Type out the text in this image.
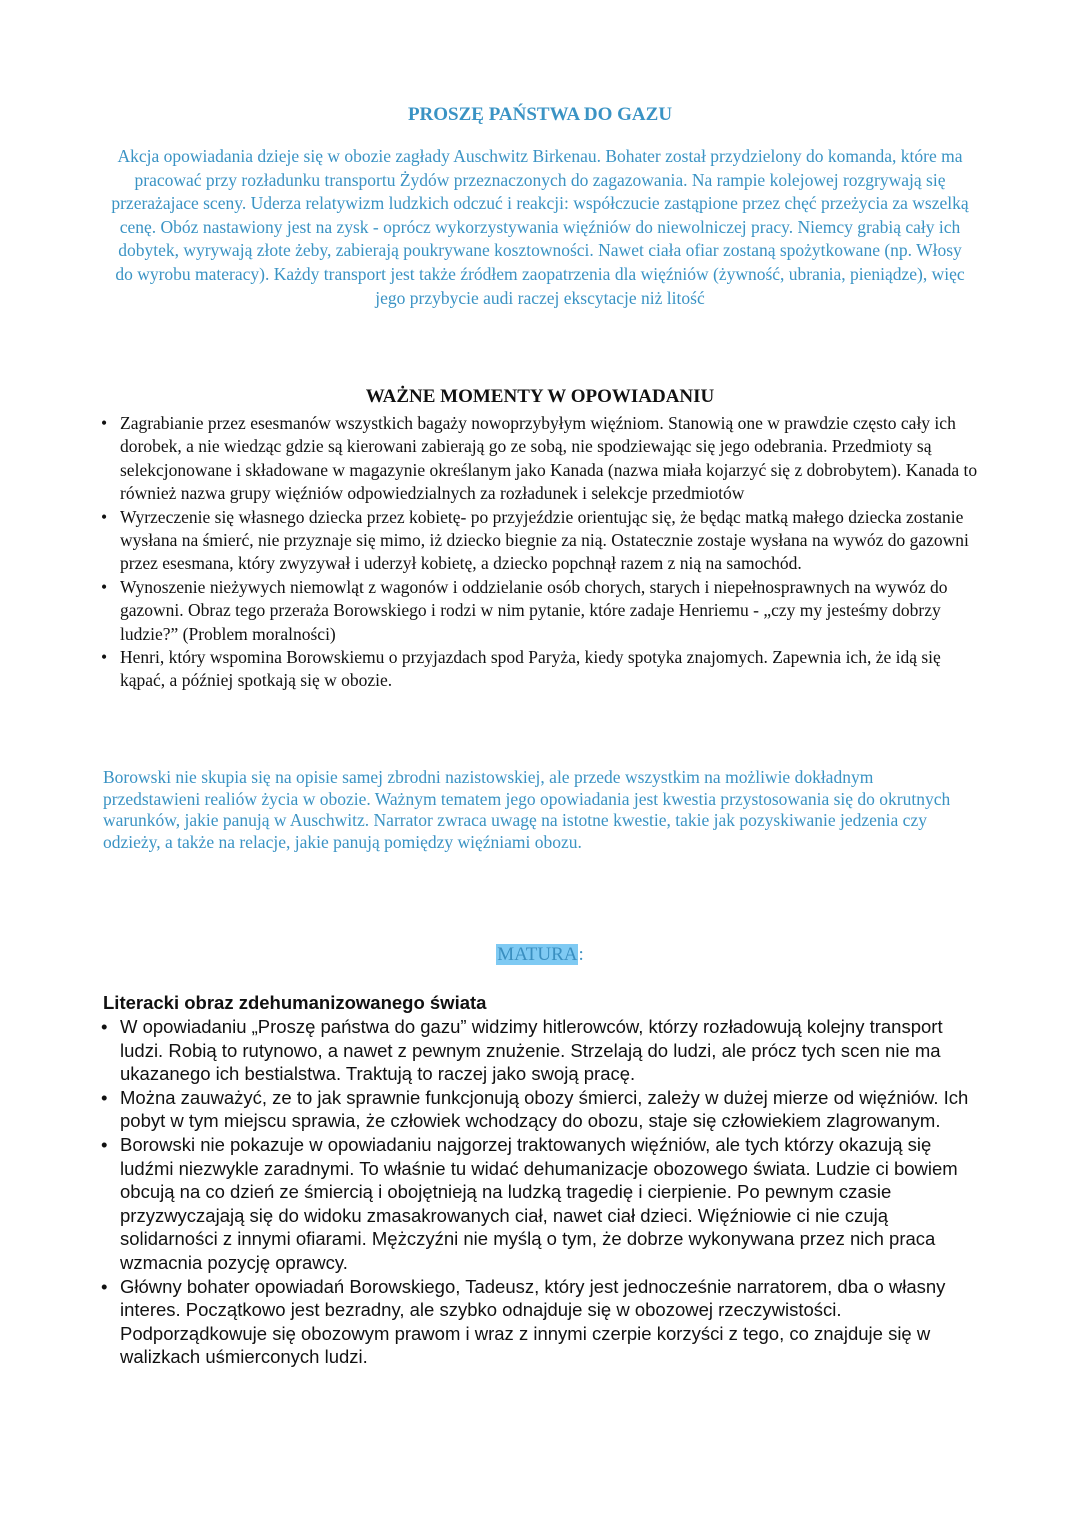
PROSZĘ PAŃSTWA DO GAZU

Akcja opowiadania dzieje się w obozie zagłady Auschwitz Birkenau. Bohater został przydzielony do komanda, które ma pracować przy rozładunku transportu Żydów przeznaczonych do zagazowania. Na rampie kolejowej rozgrywają się przerażajace sceny. Uderza relatywizm ludzkich odczuć i reakcji: współczucie zastąpione przez chęć przeżycia za wszelką cenę. Obóz nastawiony jest na zysk - oprócz wykorzystywania więźniów do niewolniczej pracy. Niemcy grabią cały ich dobytek, wyrywają złote żeby, zabierają poukrywane kosztowności. Nawet ciała ofiar zostaną spożytkowane (np. Włosy do wyrobu materacy). Każdy transport jest także źródłem zaopatrzenia dla więźniów (żywność, ubrania, pieniądze), więc jego przybycie audi raczej ekscytacje niż litość

WAŻNE MOMENTY W OPOWIADANIU
• Zagrabianie przez esesmanów wszystkich bagaży nowoprzybyłym więźniom. Stanowią one w prawdzie często cały ich dorobek, a nie wiedząc gdzie są kierowani zabierają go ze sobą, nie spodziewając się jego odebrania. Przedmioty są selekcjonowane i składowane w magazynie określanym jako Kanada (nazwa miała kojarzyć się z dobrobytem). Kanada to również nazwa grupy więźniów odpowiedzialnych za rozładunek i selekcje przedmiotów
• Wyrzeczenie się własnego dziecka przez kobietę- po przyjeździe orientując się, że będąc matką małego dziecka zostanie wysłana na śmierć, nie przyznaje się mimo, iż dziecko biegnie za nią. Ostatecznie zostaje wysłana na wywóz do gazowni przez esesmana, który zwyzywał i uderzył kobietę, a dziecko popchnął razem z nią na samochód.
• Wynoszenie nieżywych niemowląt z wagonów i oddzielanie osób chorych, starych i niepełnosprawnych na wywóz do gazowni. Obraz tego przeraża Borowskiego i rodzi w nim pytanie, które zadaje Henriemu - „czy my jesteśmy dobrzy ludzie?” (Problem moralności)
• Henri, który wspomina Borowskiemu o przyjazdach spod Paryża, kiedy spotyka znajomych. Zapewnia ich, że idą się kąpać, a później spotkają się w obozie.

Borowski nie skupia się na opisie samej zbrodni nazistowskiej, ale przede wszystkim na możliwie dokładnym przedstawieni realiów życia w obozie. Ważnym tematem jego opowiadania jest kwestia przystosowania się do okrutnych warunków, jakie panują w Auschwitz. Narrator zwraca uwagę na istotne kwestie, takie jak pozyskiwanie jedzenia czy odzieży, a także na relacje, jakie panują pomiędzy więźniami obozu.

MATURA:
Literacki obraz zdehumanizowanego świata
• W opowiadaniu „Proszę państwa do gazu” widzimy hitlerowców, którzy rozładowują kolejny transport ludzi. Robią to rutynowo, a nawet z pewnym znużenie. Strzelają do ludzi, ale prócz tych scen nie ma ukazanego ich bestialstwa. Traktują to raczej jako swoją pracę.
• Można zauważyć, ze to jak sprawnie funkcjonują obozy śmierci, zależy w dużej mierze od więźniów. Ich pobyt w tym miejscu sprawia, że człowiek wchodzący do obozu, staje się człowiekiem zlagrowanym.
• Borowski nie pokazuje w opowiadaniu najgorzej traktowanych więźniów, ale tych którzy okazują się ludźmi niezwykle zaradnymi. To właśnie tu widać dehumanizacje obozowego świata. Ludzie ci bowiem obcują na co dzień ze śmiercią i obojętnieją na ludzką tragedię i cierpienie. Po pewnym czasie przyzwyczajają się do widoku zmasakrowanych ciał, nawet ciał dzieci. Więźniowie ci nie czują solidarności z innymi ofiarami. Mężczyźni nie myślą o tym, że dobrze wykonywana przez nich praca wzmacnia pozycję oprawcy.
• Główny bohater opowiadań Borowskiego, Tadeusz, który jest jednocześnie narratorem, dba o własny interes. Początkowo jest bezradny, ale szybko odnajduje się w obozowej rzeczywistości. Podporządkowuje się obozowym prawom i wraz z innymi czerpie korzyści z tego, co znajduje się w walizkach uśmierconych ludzi.
